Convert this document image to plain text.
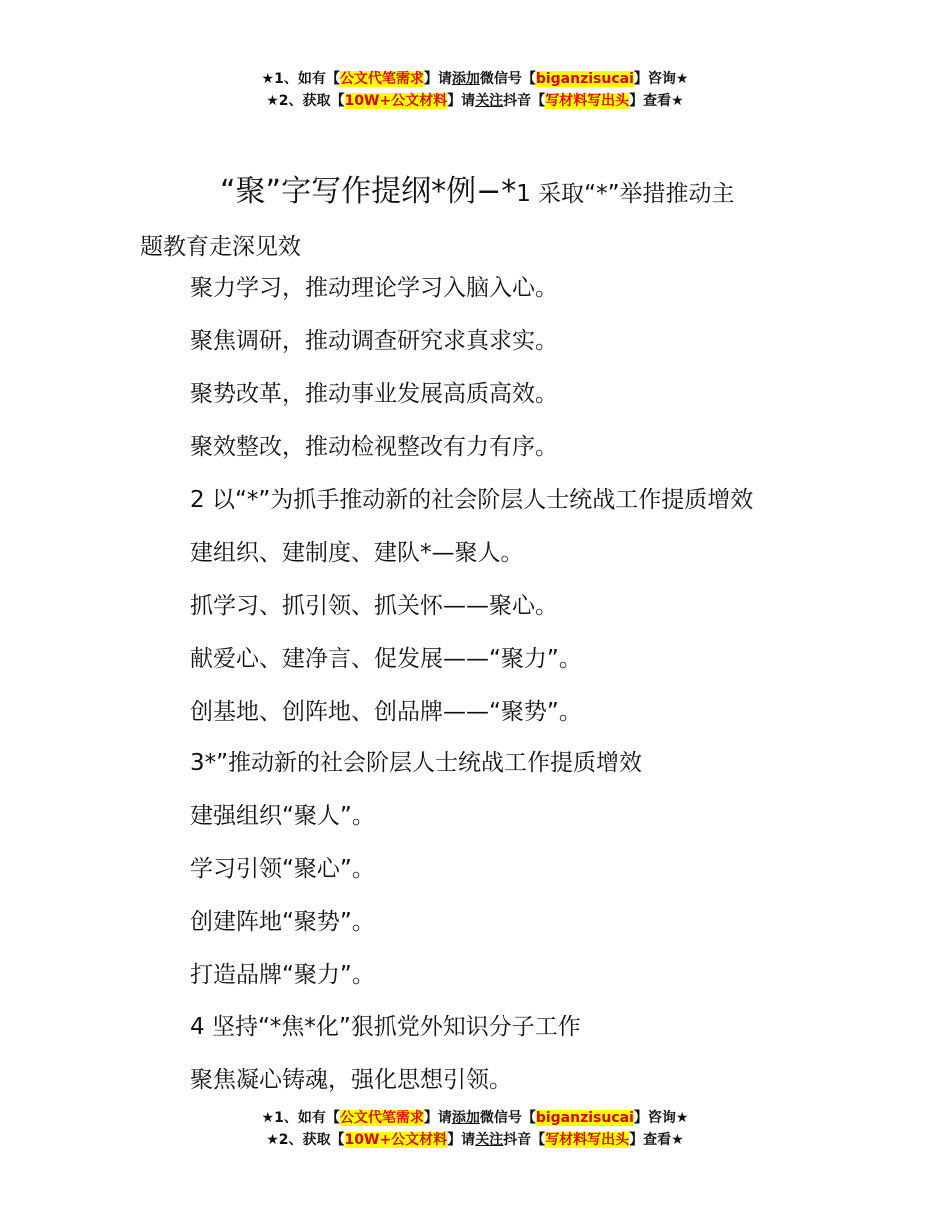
★1、如有【公文代笔需求】请添加微信号【biganzisucai】咨询★
★2、获取【10W+公文材料】请关注抖音【写材料写出头】查看★
“聚”字写作提纲*例−*1 采取“*”举措推动主
题教育走深见效
聚力学习，推动理论学习入脑入心。
聚焦调研，推动调查研究求真求实。
聚势改革，推动事业发展高质高效。
聚效整改，推动检视整改有力有序。
2 以“*”为抓手推动新的社会阶层人士统战工作提质增效
建组织、建制度、建队*—聚人。
抓学习、抓引领、抓关怀——聚心。
献爱心、建净言、促发展——“聚力”。
创基地、创阵地、创品牌——“聚势”。
3*”推动新的社会阶层人士统战工作提质增效
建强组织“聚人”。
学习引领“聚心”。
创建阵地“聚势”。
打造品牌“聚力”。
4 坚持“*焦*化”狠抓党外知识分子工作
聚焦凝心铸魂，强化思想引领。
★1、如有【公文代笔需求】请添加微信号【biganzisucai】咨询★
★2、获取【10W+公文材料】请关注抖音【写材料写出头】查看★
